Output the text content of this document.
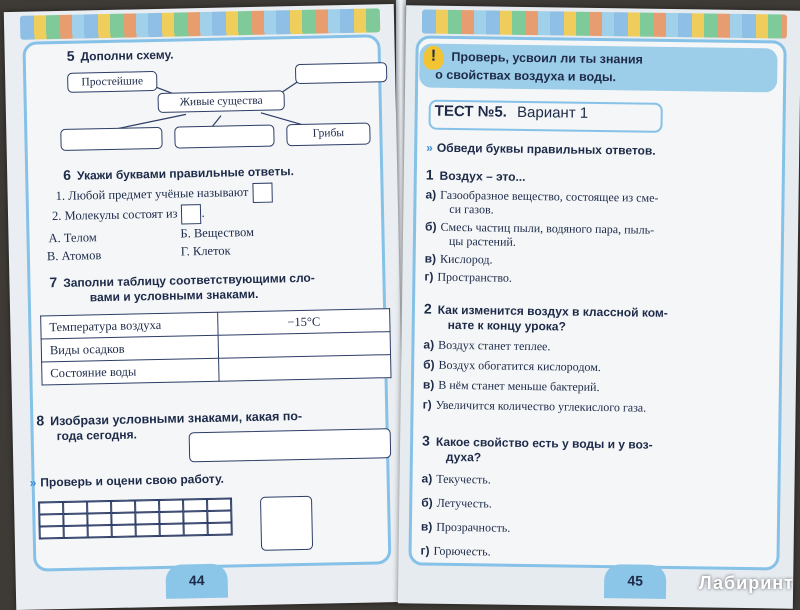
5 Дополни схему.
Простейшие
Живые существа
Грибы
6 Укажи буквами правильные ответы.
1. Любой предмет учёные называют
2. Молекулы состоят из .
А. Телом	Б. Веществом
В. Атомов	Г. Клеток
7 Заполни таблицу соответствующими сло-
вами и условными знаками.
Температура воздуха	−15°C
Виды осадков	
Состояние воды	
8 Изобрази условными знаками, какая по-
года сегодня.
» Проверь и оцени свою работу.
44
!	Проверь, усвоил ли ты знания
о свойствах воздуха и воды.
ТЕСТ №5. Вариант 1
» Обведи буквы правильных ответов.
1 Воздух – это...
а) Газообразное вещество, состоящее из сме-
си газов.
б) Смесь частиц пыли, водяного пара, пыль-
цы растений.
в) Кислород.
г) Пространство.
2 Как изменится воздух в классной ком-
нате к концу урока?
а) Воздух станет теплее.
б) Воздух обогатится кислородом.
в) В нём станет меньше бактерий.
г) Увеличится количество углекислого газа.
3 Какое свойство есть у воды и у воз-
духа?
а) Текучесть.
б) Летучесть.
в) Прозрачность.
г) Горючесть.
45	Лабиринт
